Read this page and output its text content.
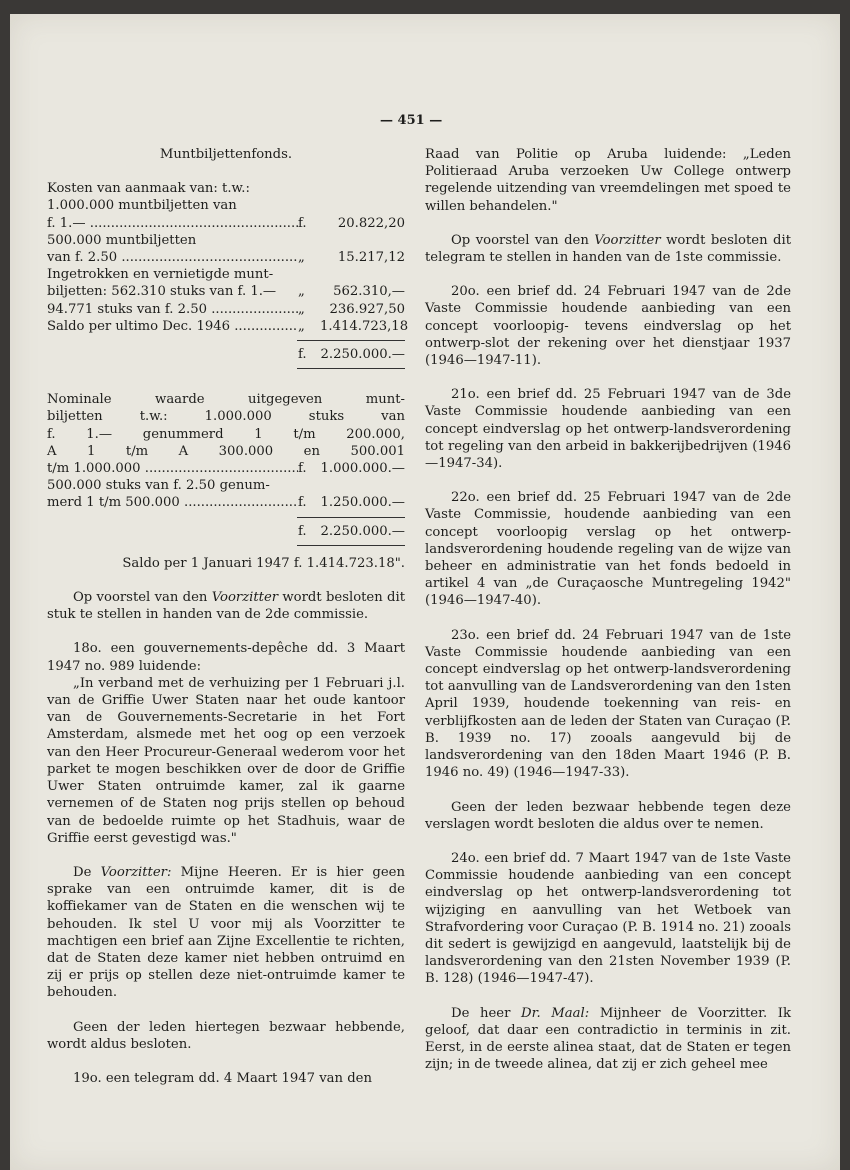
— 451 —
Muntbiljettenfonds.
Kosten van aanmaak van: t.w.:
1.000.000 muntbiljetten van
f. 1.— .....	f.	20.822,20
500.000 muntbiljetten
van f. 2.50 .....	„	15.217,12
Ingetrokken en vernietigde munt-
biljetten: 562.310 stuks van f. 1.—	„	562.310,—
94.771 stuks van f. 2.50 .....	„	236.927,50
Saldo per ultimo Dec. 1946 .....	„	1.414.723,18
f. 2.250.000.—
Nominale waarde uitgegeven munt-
biljetten t.w.: 1.000.000 stuks van
f. 1.— genummerd 1 t/m 200.000,
A 1 t/m A 300.000 en 500.001
t/m 1.000.000 .....	f.	1.000.000.—
500.000 stuks van f. 2.50 genum-
merd 1 t/m 500.000 .....	f.	1.250.000.—
f. 2.250.000.—
Saldo per 1 Januari 1947 f. 1.414.723.18".

Op voorstel van den Voorzitter wordt besloten dit stuk te stellen in handen van de 2de commissie.

18o. een gouvernements-depêche dd. 3 Maart 1947 no. 989 luidende:

„In verband met de verhuizing per 1 Februari j.l. van de Griffie Uwer Staten naar het oude kantoor van de Gouvernements-Secretarie in het Fort Amsterdam, alsmede met het oog op een verzoek van den Heer Procureur-Generaal wederom voor het parket te mogen beschikken over de door de Griffie Uwer Staten ontruimde kamer, zal ik gaarne vernemen of de Staten nog prijs stellen op behoud van de bedoelde ruimte op het Stadhuis, waar de Griffie eerst gevestigd was."

De Voorzitter: Mijne Heeren. Er is hier geen sprake van een ontruimde kamer, dit is de koffiekamer van de Staten en die wenschen wij te behouden. Ik stel U voor mij als Voorzitter te machtigen een brief aan Zijne Excellentie te richten, dat de Staten deze kamer niet hebben ontruimd en zij er prijs op stellen deze niet-ontruimde kamer te behouden.

Geen der leden hiertegen bezwaar hebbende, wordt aldus besloten.

19o. een telegram dd. 4 Maart 1947 van den

Raad van Politie op Aruba luidende: „Leden Politieraad Aruba verzoeken Uw College ontwerp regelende uitzending van vreemdelingen met spoed te willen behandelen."

Op voorstel van den Voorzitter wordt besloten dit telegram te stellen in handen van de 1ste commissie.

20o. een brief dd. 24 Februari 1947 van de 2de Vaste Commissie houdende aanbieding van een concept voorloopig- tevens eindverslag op het ontwerp-slot der rekening over het dienstjaar 1937 (1946—1947-11).

21o. een brief dd. 25 Februari 1947 van de 3de Vaste Commissie houdende aanbieding van een concept eindverslag op het ontwerp-landsverordening tot regeling van den arbeid in bakkerijbedrijven (1946—1947-34).

22o. een brief dd. 25 Februari 1947 van de 2de Vaste Commissie, houdende aanbieding van een concept voorloopig verslag op het ontwerp-landsverordening houdende regeling van de wijze van beheer en administratie van het fonds bedoeld in artikel 4 van „de Curaçaosche Muntregeling 1942" (1946—1947-40).

23o. een brief dd. 24 Februari 1947 van de 1ste Vaste Commissie houdende aanbieding van een concept eindverslag op het ontwerp-landsverordening tot aanvulling van de Landsverordening van den 1sten April 1939, houdende toekenning van reis- en verblijfkosten aan de leden der Staten van Curaçao (P. B. 1939 no. 17) zooals aangevuld bij de landsverordening van den 18den Maart 1946 (P. B. 1946 no. 49) (1946—1947-33).

Geen der leden bezwaar hebbende tegen deze verslagen wordt besloten die aldus over te nemen.

24o. een brief dd. 7 Maart 1947 van de 1ste Vaste Commissie houdende aanbieding van een concept eindverslag op het ontwerp-landsverordening tot wijziging en aanvulling van het Wetboek van Strafvordering voor Curaçao (P. B. 1914 no. 21) zooals dit sedert is gewijzigd en aangevuld, laatstelijk bij de landsverordening van den 21sten November 1939 (P. B. 128) (1946—1947-47).

De heer Dr. Maal: Mijnheer de Voorzitter. Ik geloof, dat daar een contradictio in terminis in zit. Eerst, in de eerste alinea staat, dat de Staten er tegen zijn; in de tweede alinea, dat zij er zich geheel mee
